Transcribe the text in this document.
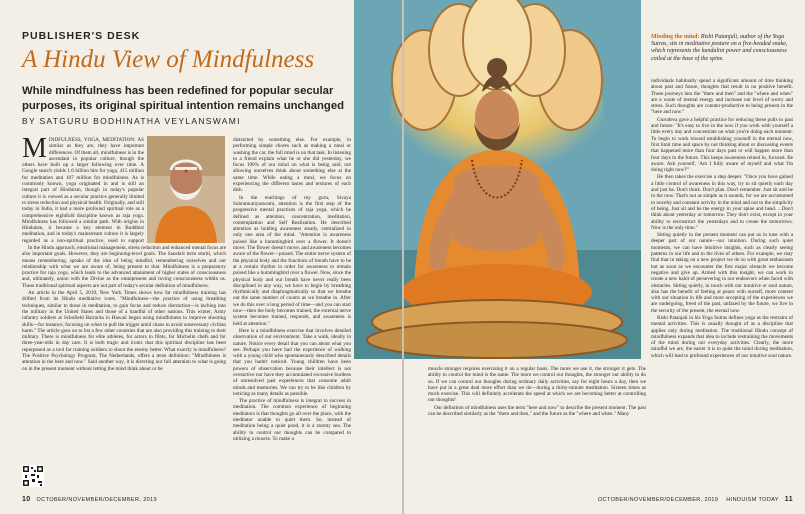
PUBLISHER'S DESK
A Hindu View of Mindfulness
While mindfulness has been redefined for popular secular purposes, its original spiritual intention remains unchanged
BY SATGURU BODHINATHA VEYLANSWAMI
M INDFULNESS, YOGA, MEDITATION: AS similar as they are, they have important differences. Of them all, mindfulness is in the ascendant in popular culture, though the others have built up a larger following over time. A Google search yields 1.6 billion hits for yoga, 415 million for meditation and 107 million for mindfulness. As is commonly known, yoga originated in and is still an integral part of Hinduism, though in today's popular culture it is viewed as a secular practice generally limited to stress reduction and physical health. Originally, and still today in India, it had a more profound spiritual role as a comprehensive eightfold discipline known as raja yoga. Mindfulness has followed a similar path. With origins in Hinduism, it became a key element in Buddhist meditation, and in today's mainstream culture it is largely regarded as a non-spiritual practice, used to support

In the Hindu approach, emotional management, stress reduction and enhanced mental focus are also important goals. However, they are beginning-level goals. The Sanskrit term smriti, which means remembering, speaks of the idea of being mindful, remembering ourselves and our relationship with what we are aware of, being present to that. Mindfulness is a preparatory practice for raja yoga, which leads to the advanced attainment of higher states of consciousness and, ultimately, union with the Divine as the omnipresent and loving consciousness within us. These traditional spiritual aspects are not part of today's secular definition of mindfulness.

An article in the April 5, 2019, New York Times shows how far mindfulness training has drifted from its Hindu meditative roots. "Mindfulness—the practice of using breathing techniques, similar to those in meditation, to gain focus and reduce distraction—is inching into the military in the United States and those of a handful of other nations. This winter, Army infantry soldiers at Schofield Barracks in Hawaii began using mindfulness to improve shooting skills—for instance, focusing on when to pull the trigger amid chaos to avoid unnecessary civilian harm." The article goes on to list a few other countries that are also providing this training to their military. There is mindfulness for elite athletes, for actors in films, for Michelin chefs and for three-year-olds in day care. It is both tragic and ironic that this spiritual discipline has been repurposed as a tool for training soldiers to shoot the enemy better. What exactly is mindfulness? The Positive Psychology Program, The Netherlands, offers a terse definition: "Mindfulness is attention in the here and now." Said another way, it is directing our full attention to what is going on in the present moment without letting the mind think about or be

distracted by something else. For example, in performing simple chores such as making a meal or washing the car, the full mind is on that task. In listening to a friend explain what he or she did yesterday, we focus 100% of our mind on what is being said, not allowing ourselves think about something else at the same time. While eating a meal, we focus on experiencing the different tastes and textures of each dish.

In the teachings of my guru, Sivaya Subramuniyaswami, attention is the first step of the progressive mental practices of raja yoga, which he defined as attention, concentration, meditation, contemplation and Self Realization. He described attention as holding awareness steady, centralized in only one area of the mind. "Attention is awareness poised like a hummingbird over a flower. It doesn't move. The flower doesn't move, and awareness becomes aware of the flower—poised. The entire nerve system of the physical body and the functions of breath have to be at a certain rhythm in order for awareness to remain poised like a hummingbird over a flower. Now, since the physical body and our breath have never really been disciplined in any way, we have to begin by breathing rhythmically and diaphragmatically so that we breathe out the same number of counts as we breathe in. After we do this over a long period of time—and you can start now—then the body becomes trained, the external nerve system becomes trained, responds, and awareness is held at attention."

Here is a mindfulness exercise that involves detailed observation of our environment. Take a walk, ideally in nature. Notice every detail that you can about what you see. Perhaps you have had the experience of walking with a young child who spontaneously described details that you hadn't noticed. Young children have keen powers of observation because their intellect is not overactive nor have they accumulated excessive burdens of unresolved past experiences that consume adult minds and memories. We can try to be like children by noticing as many details as possible.

The practice of mindfulness is integral to success in meditation. The common experience of beginning meditators is that thoughts go all over the place, with the meditator unable to quiet them. So, instead of meditation being a quiet pond, it is a stormy sea. The ability to control our thoughts can be compared to utilizing a muscle. To make a

10 OCTOBER/NOVEMBER/DECEMBER, 2019
RAJASEKHARAN PARAMESWARAN
Minding the mind: Rishi Patanjali, author of the Yoga Sutras, sits in meditative posture on a five-headed snake, which represents the kundalini power and consciousness coiled at the base of the spine.

individuals habitually spend a significant amount of time thinking about past and future, thoughts that result in no positive benefit. These journeys into the "there and then" and the "where and when" are a waste of mental energy and increase our level of worry and stress. Such thoughts are counter-productive to being present in the "here and now."

Gurudeva gave a helpful practice for reducing these pulls to past and future: "It's easy to live in the now if you work with yourself a little every day and concentrate on what you're doing each moment. To begin to work toward establishing yourself in the eternal now, first limit time and space by not thinking about or discussing events that happened more than four days past or will happen more than four days in the future. This keeps awareness reined in, focused. Be aware. Ask yourself, 'Am I fully aware of myself and what I'm doing right now?'"

He then takes the exercise a step deeper. "Once you have gained a little control of awareness in this way, try to sit quietly each day and just be. Don't think. Don't plan. Don't remember. Just sit and be in the now. That's not as simple as it sounds, for we are accustomed to novelty and constant activity in the mind and not to the simplicity of being. Just sit and be the energy in your spine and head. ...Don't think about yesterday or tomorrow. They don't exist, except in your ability to reconstruct the yesterdays and to create the tomorrows. Now is the only time."

Sitting quietly in the present moment can put us in tune with a deeper part of our nature—our intuition. During such quiet moments, we can have intuitive insights, such as clearly seeing patterns in our life and in the lives of others. For example, we may find that in taking on a new project we do so with great enthusiasm but as soon as we encounter the first major obstacle we become negative and give up. Armed with this insight, we can work to create a new habit of persevering in our endeavors when faced with obstacles. Sitting quietly, in touch with our intuitive or soul nature, also has the benefit of feeling at peace with ourself, more content with our situation in life and more accepting of the experiences we are undergoing, freed of the past, unfazed by the future, we live in the security of the present, the eternal now.

Rishi Patanjali in his Yoga Sutras defines yoga as the restraint of mental activities. This is usually thought of as a discipline that applies only during meditation. The traditional Hindu concept of mindfulness expands that idea to include restraining the movements of the mind during our everyday activities. Clearly, the more mindful we are, the easier it is to quiet the mind during meditation, which will lead to profound experiences of our intuitive soul nature.

muscle stronger requires exercising it on a regular basis. The more we use it, the stronger it gets. The ability to control the mind is the same. The more we control our thoughts, the stronger our ability to do so. If we can control our thoughts during ordinary daily activities, say for eight hours a day, then we have put in a great deal more effort than we do—during a thirty-minute meditation. Sixteen times as much exercise. This will definitely accelerate the speed at which we are becoming better at controlling our thoughts!

Our definition of mindfulness uses the term "here and now" to describe the present moment. The past can be described similarly as the "there and then," and the future as the "where and when." Many

OCTOBER/NOVEMBER/DECEMBER, 2019 HINDUISM TODAY 11
